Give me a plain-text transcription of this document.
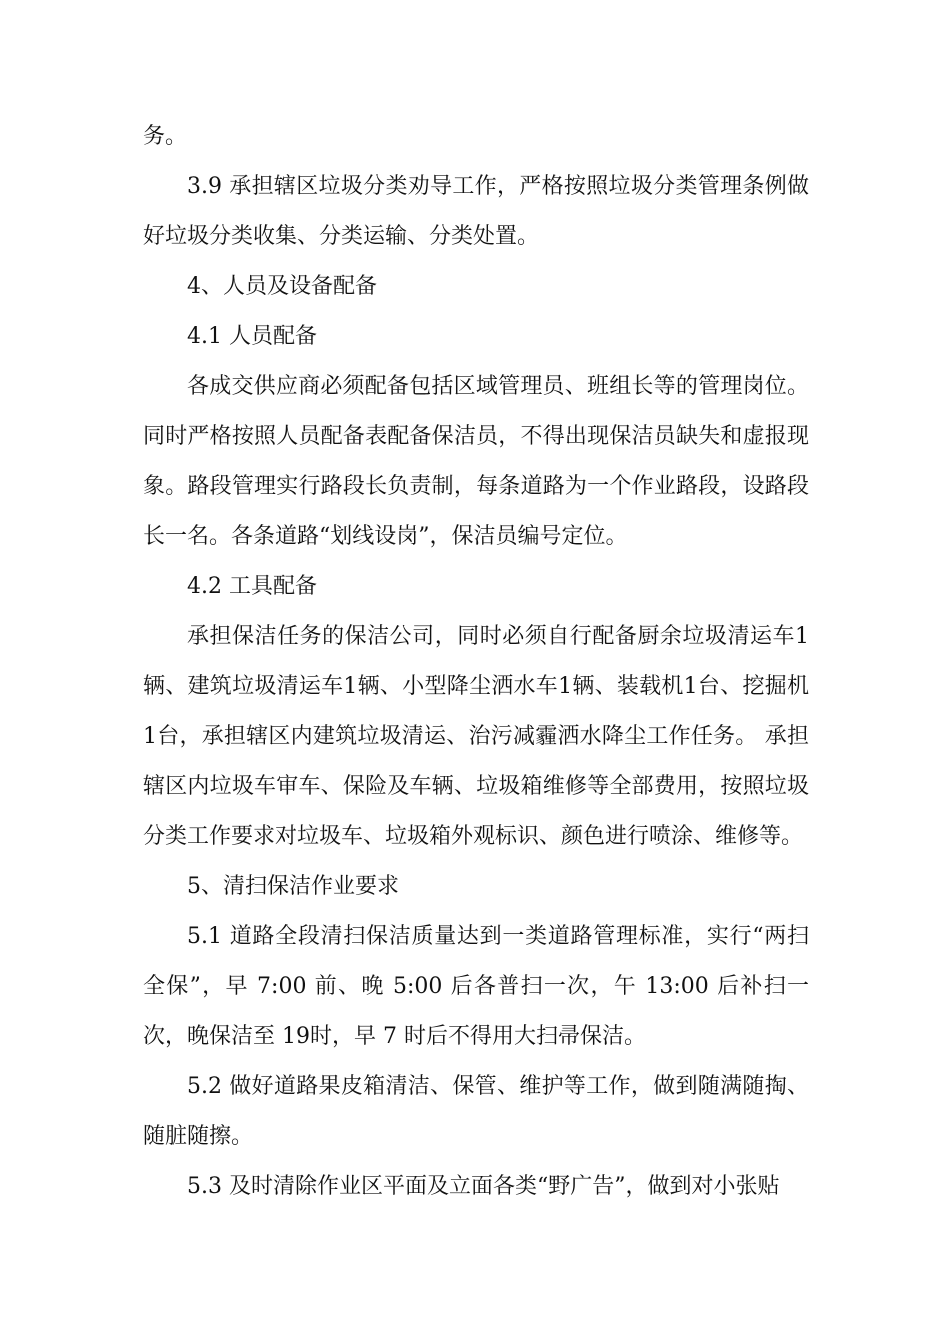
务。

3.9 承担辖区垃圾分类劝导工作，严格按照垃圾分类管理条例做好垃圾分类收集、分类运输、分类处置。

4、人员及设备配备

4.1 人员配备

各成交供应商必须配备包括区域管理员、班组长等的管理岗位。同时严格按照人员配备表配备保洁员，不得出现保洁员缺失和虚报现象。路段管理实行路段长负责制，每条道路为一个作业路段，设路段长一名。各条道路“划线设岗”，保洁员编号定位。

4.2 工具配备

承担保洁任务的保洁公司，同时必须自行配备厨余垃圾清运车1辆、建筑垃圾清运车1辆、小型降尘洒水车1辆、装载机1台、挖掘机1台，承担辖区内建筑垃圾清运、治污减霾洒水降尘工作任务。 承担辖区内垃圾车审车、保险及车辆、垃圾箱维修等全部费用，按照垃圾分类工作要求对垃圾车、垃圾箱外观标识、颜色进行喷涂、维修等。

5、清扫保洁作业要求

5.1 道路全段清扫保洁质量达到一类道路管理标准，实行“两扫全保”，早 7:00 前、晚 5:00 后各普扫一次，午 13:00 后补扫一次，晚保洁至 19时，早 7 时后不得用大扫帚保洁。

5.2 做好道路果皮箱清洁、保管、维护等工作，做到随满随掏、随脏随擦。

5.3 及时清除作业区平面及立面各类“野广告”，做到对小张贴
